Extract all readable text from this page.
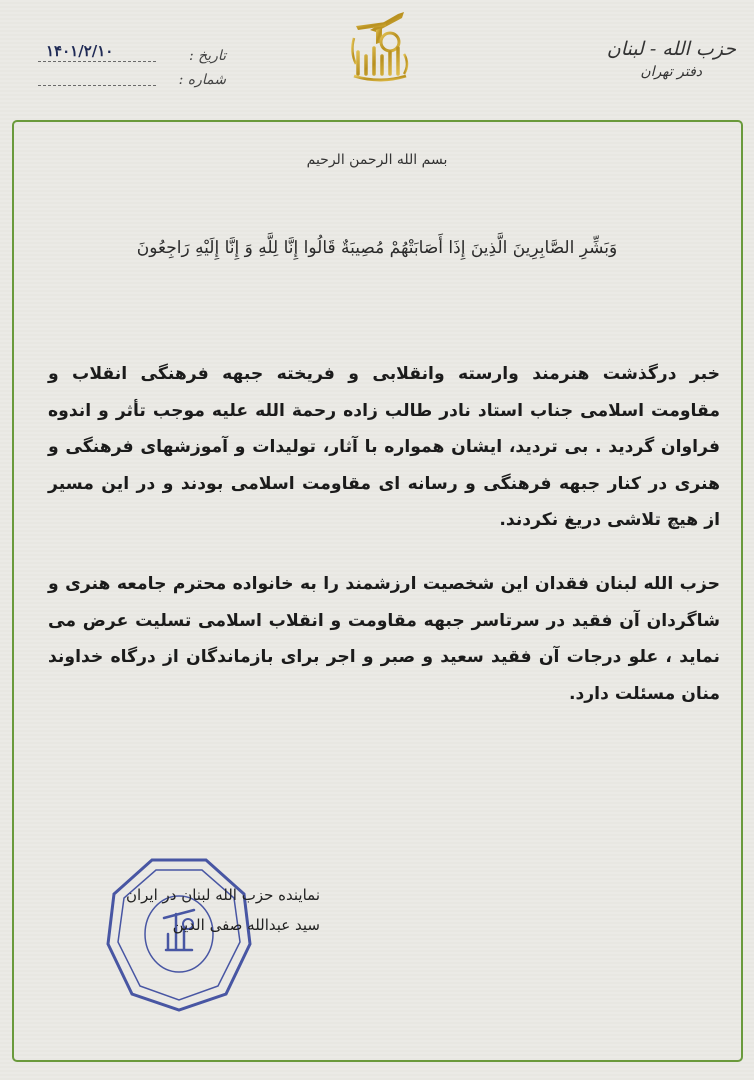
حزب الله - لبنان
دفتر تهران
تاریخ :
۱۴۰۱/۲/۱۰
شماره :
بسم الله الرحمن الرحيم
وَبَشِّرِ الصَّابِرِينَ الَّذِينَ إِذَا أَصَابَتْهُمْ مُصِيبَةٌ قَالُوا إِنَّا لِلَّهِ وَ إِنَّا إِلَيْهِ رَاجِعُونَ
خبر درگذشت هنرمند وارسته وانقلابی و فریخته جبهه فرهنگی انقلاب و مقاومت اسلامی جناب استاد نادر طالب زاده رحمة الله علیه موجب تأثر و اندوه فراوان گردید . بی تردید، ایشان همواره با آثار، تولیدات و آموزشهای فرهنگی و هنری در کنار جبهه فرهنگی و رسانه ای مقاومت اسلامی بودند و در این مسیر از هیچ تلاشی دریغ نکردند.
حزب الله لبنان فقدان این شخصیت ارزشمند را به خانواده محترم جامعه هنری و شاگردان آن فقید در سرتاسر جبهه مقاومت و انقلاب اسلامی تسلیت عرض می نماید ، علو درجات آن فقید سعید و صبر و اجر برای بازماندگان از درگاه خداوند منان مسئلت دارد.
نماینده حزب الله لبنان در ایران
سید عبدالله صفی الدین
